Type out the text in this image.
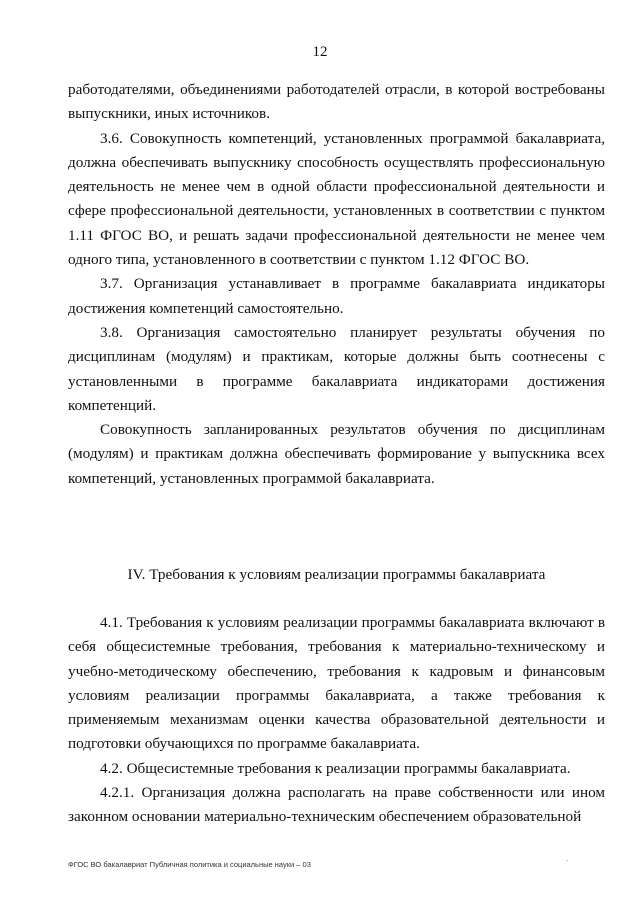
12

работодателями, объединениями работодателей отрасли, в которой востребованы выпускники, иных источников.

3.6. Совокупность компетенций, установленных программой бакалавриата, должна обеспечивать выпускнику способность осуществлять профессиональную деятельность не менее чем в одной области профессиональной деятельности и сфере профессиональной деятельности, установленных в соответствии с пунктом 1.11 ФГОС ВО, и решать задачи профессиональной деятельности не менее чем одного типа, установленного в соответствии с пунктом 1.12 ФГОС ВО.

3.7. Организация устанавливает в программе бакалавриата индикаторы достижения компетенций самостоятельно.

3.8. Организация самостоятельно планирует результаты обучения по дисциплинам (модулям) и практикам, которые должны быть соотнесены с установленными в программе бакалавриата индикаторами достижения компетенций.

Совокупность запланированных результатов обучения по дисциплинам (модулям) и практикам должна обеспечивать формирование у выпускника всех компетенций, установленных программой бакалавриата.

IV. Требования к условиям реализации программы бакалавриата

4.1. Требования к условиям реализации программы бакалавриата включают в себя общесистемные требования, требования к материально-техническому и учебно-методическому обеспечению, требования к кадровым и финансовым условиям реализации программы бакалавриата, а также требования к применяемым механизмам оценки качества образовательной деятельности и подготовки обучающихся по программе бакалавриата.

4.2. Общесистемные требования к реализации программы бакалавриата.

4.2.1. Организация должна располагать на праве собственности или ином законном основании материально-техническим обеспечением образовательной

ФГОС ВО бакалавриат Публичная политика и социальные науки – 03	-
